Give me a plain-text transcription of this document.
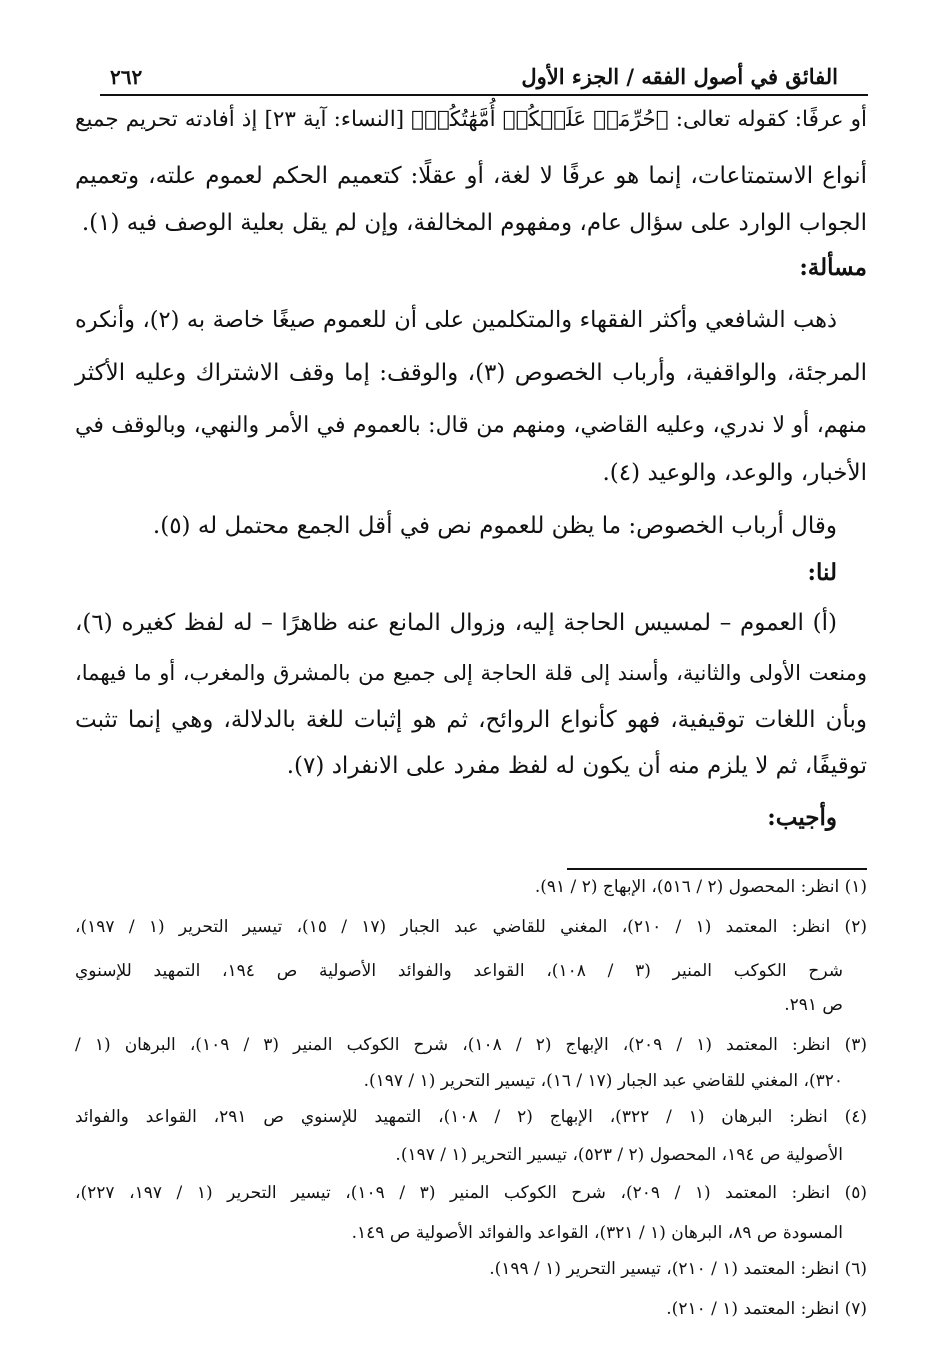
الفائق في أصول الفقه / الجزء الأول
٢٦٢
أو عرفًا: كقوله تعالى: ﴿حُرِّمَتۡ عَلَيۡكُمۡ أُمَّهَٰتُكُمۡ﴾ [النساء: آية ٢٣] إذ أفادته تحريم جميع
أنواع الاستمتاعات، إنما هو عرفًا لا لغة، أو عقلًا: كتعميم الحكم لعموم علته، وتعميم
الجواب الوارد على سؤال عام، ومفهوم المخالفة، وإن لم يقل بعلية الوصف فيه (١).
مسألة:
ذهب الشافعي وأكثر الفقهاء والمتكلمين على أن للعموم صيغًا خاصة به (٢)، وأنكره
المرجئة، والواقفية، وأرباب الخصوص (٣)، والوقف: إما وقف الاشتراك وعليه الأكثر
منهم، أو لا ندري، وعليه القاضي، ومنهم من قال: بالعموم في الأمر والنهي، وبالوقف في
الأخبار، والوعد، والوعيد (٤).
وقال أرباب الخصوص: ما يظن للعموم نص في أقل الجمع محتمل له (٥).
لنا:
(أ) العموم – لمسيس الحاجة إليه، وزوال المانع عنه ظاهرًا – له لفظ كغيره (٦)،
ومنعت الأولى والثانية، وأسند إلى قلة الحاجة إلى جميع من بالمشرق والمغرب، أو ما فيهما،
وبأن اللغات توقيفية، فهو كأنواع الروائح، ثم هو إثبات للغة بالدلالة، وهي إنما تثبت
توقيفًا، ثم لا يلزم منه أن يكون له لفظ مفرد على الانفراد (٧).
وأجيب:
(١) انظر: المحصول (٢ / ٥١٦)، الإبهاج (٢ / ٩١).
(٢) انظر: المعتمد (١ / ٢١٠)، المغني للقاضي عبد الجبار (١٧ / ١٥)، تيسير التحرير (١ / ١٩٧)،
شرح الكوكب المنير (٣ / ١٠٨)، القواعد والفوائد الأصولية ص ١٩٤، التمهيد للإسنوي
ص ٢٩١.
(٣) انظر: المعتمد (١ / ٢٠٩)، الإبهاج (٢ / ١٠٨)، شرح الكوكب المنير (٣ / ١٠٩)، البرهان (١ /
٣٢٠)، المغني للقاضي عبد الجبار (١٧ / ١٦)، تيسير التحرير (١ / ١٩٧).
(٤) انظر: البرهان (١ / ٣٢٢)، الإبهاج (٢ / ١٠٨)، التمهيد للإسنوي ص ٢٩١، القواعد والفوائد
الأصولية ص ١٩٤، المحصول (٢ / ٥٢٣)، تيسير التحرير (١ / ١٩٧).
(٥) انظر: المعتمد (١ / ٢٠٩)، شرح الكوكب المنير (٣ / ١٠٩)، تيسير التحرير (١ / ١٩٧، ٢٢٧)،
المسودة ص ٨٩، البرهان (١ / ٣٢١)، القواعد والفوائد الأصولية ص ١٤٩.
(٦) انظر: المعتمد (١ / ٢١٠)، تيسير التحرير (١ / ١٩٩).
(٧) انظر: المعتمد (١ / ٢١٠).
